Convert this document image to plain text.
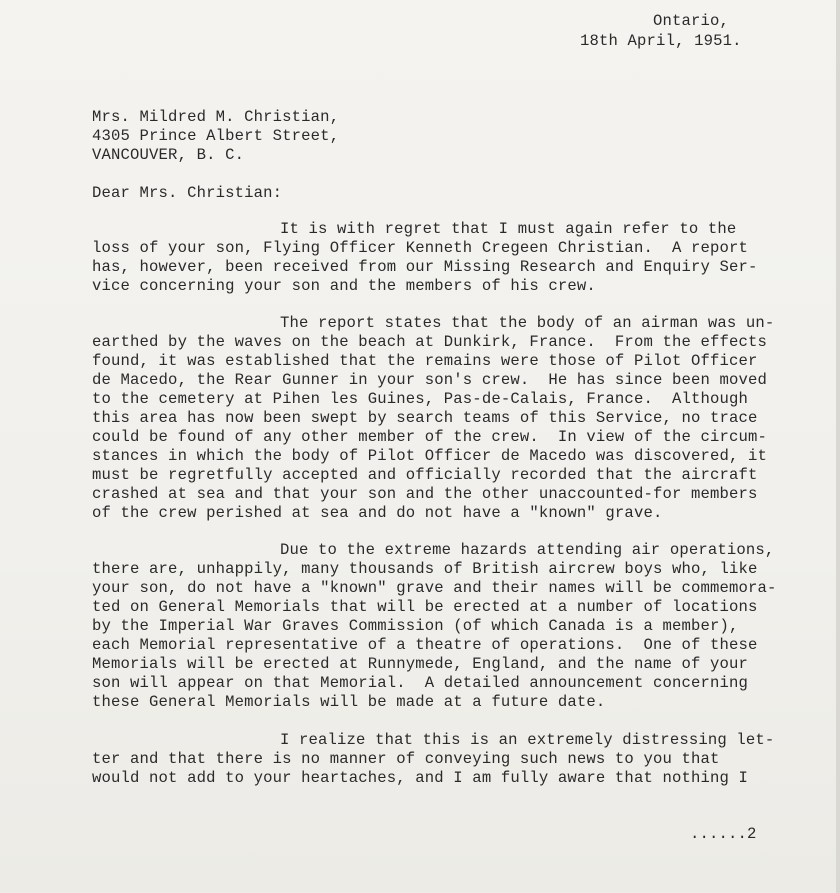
Ontario,
18th April, 1951.
Mrs. Mildred M. Christian,
4305 Prince Albert Street,
VANCOUVER, B. C.
Dear Mrs. Christian:
It is with regret that I must again refer to the
loss of your son, Flying Officer Kenneth Cregeen Christian.  A report
has, however, been received from our Missing Research and Enquiry Ser-
vice concerning your son and the members of his crew.
The report states that the body of an airman was un-
earthed by the waves on the beach at Dunkirk, France.  From the effects
found, it was established that the remains were those of Pilot Officer
de Macedo, the Rear Gunner in your son's crew.  He has since been moved
to the cemetery at Pihen les Guines, Pas-de-Calais, France.  Although
this area has now been swept by search teams of this Service, no trace
could be found of any other member of the crew.  In view of the circum-
stances in which the body of Pilot Officer de Macedo was discovered, it
must be regretfully accepted and officially recorded that the aircraft
crashed at sea and that your son and the other unaccounted-for members
of the crew perished at sea and do not have a "known" grave.
Due to the extreme hazards attending air operations,
there are, unhappily, many thousands of British aircrew boys who, like
your son, do not have a "known" grave and their names will be commemora-
ted on General Memorials that will be erected at a number of locations
by the Imperial War Graves Commission (of which Canada is a member),
each Memorial representative of a theatre of operations.  One of these
Memorials will be erected at Runnymede, England, and the name of your
son will appear on that Memorial.  A detailed announcement concerning
these General Memorials will be made at a future date.
I realize that this is an extremely distressing let-
ter and that there is no manner of conveying such news to you that
would not add to your heartaches, and I am fully aware that nothing I
......2
